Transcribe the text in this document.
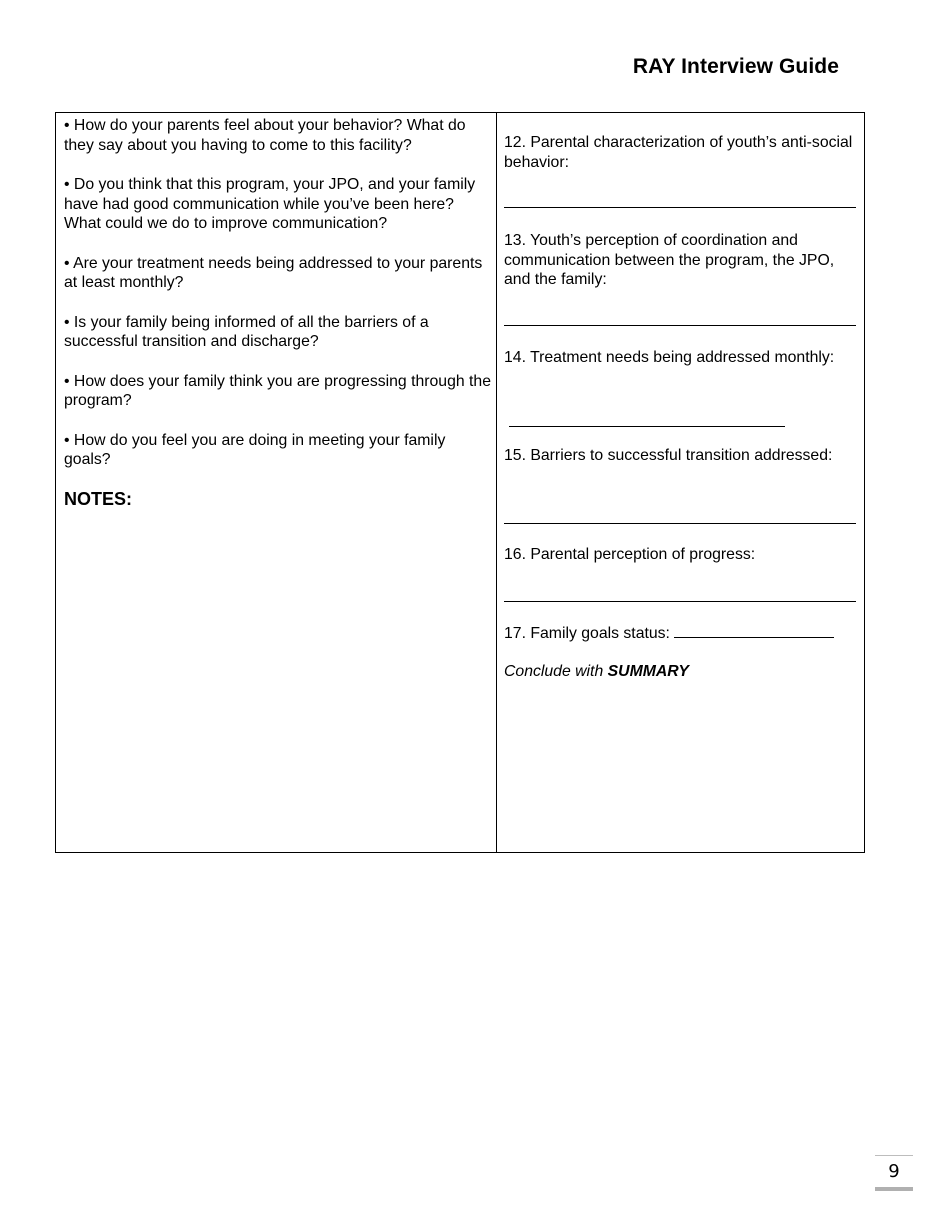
RAY Interview Guide

• How do your parents feel about your behavior? What do they say about you having to come to this facility?

• Do you think that this program, your JPO, and your family have had good communication while you’ve been here? What could we do to improve communication?

• Are your treatment needs being addressed to your parents at least monthly?

• Is your family being informed of all the barriers of a successful transition and discharge?

• How does your family think you are progressing through the program?

• How do you feel you are doing in meeting your family goals?

NOTES:
12. Parental characterization of youth’s anti-social behavior:
13. Youth’s perception of coordination and communication between the program, the JPO, and the family:
14. Treatment needs being addressed monthly:
15. Barriers to successful transition addressed:
16. Parental perception of progress:
17. Family goals status:
Conclude with SUMMARY
9
